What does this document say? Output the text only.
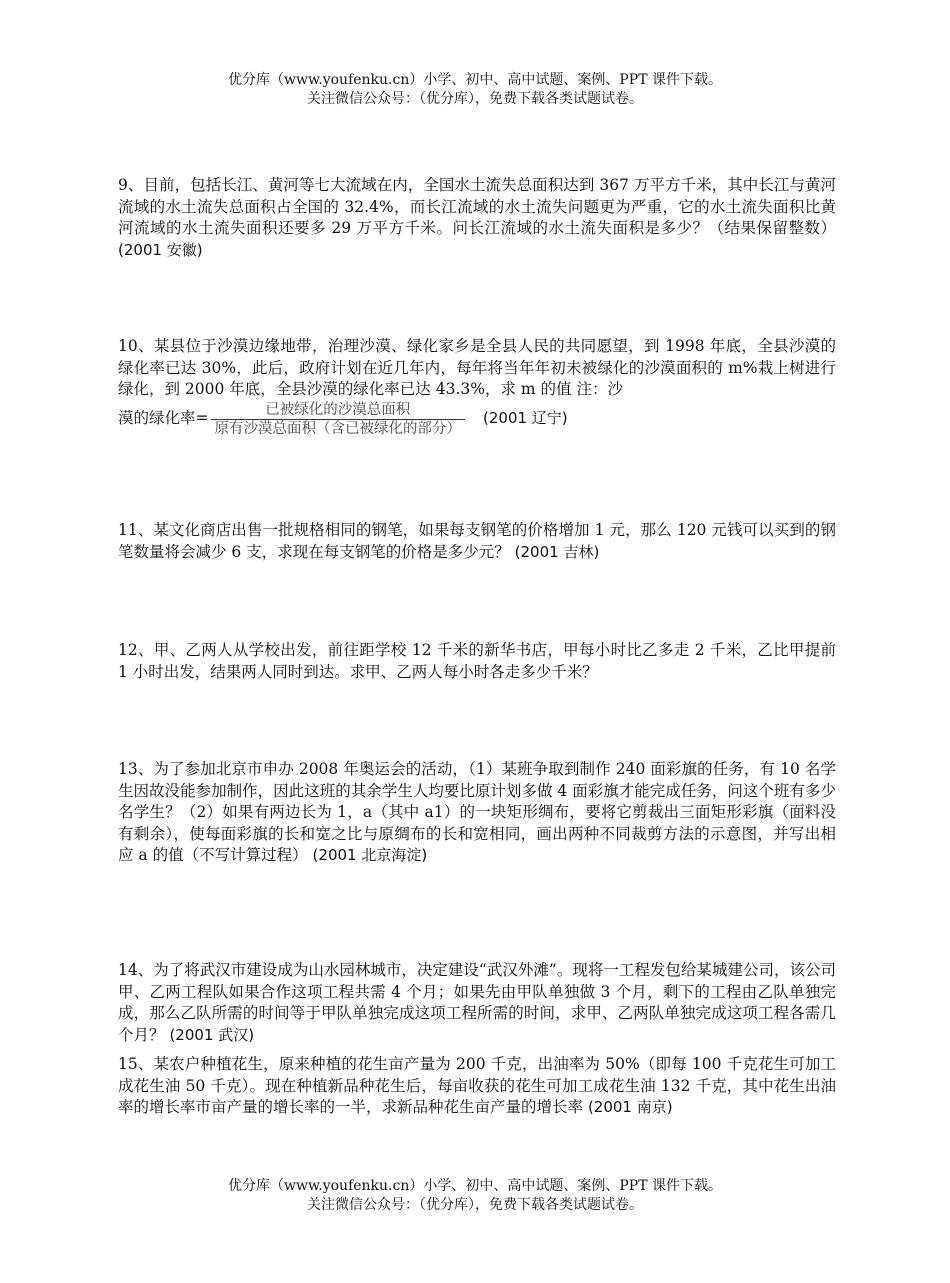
优分库（www.youfenku.cn）小学、初中、高中试题、案例、PPT 课件下载。
关注微信公众号：（优分库），免费下载各类试题试卷。
9、目前，包括长江、黄河等七大流域在内，全国水土流失总面积达到 367 万平方千米，其中长江与黄河流域的水土流失总面积占全国的 32.4%，而长江流域的水土流失问题更为严重，它的水土流失面积比黄河流域的水土流失面积还要多 29 万平方千米。问长江流域的水土流失面积是多少？（结果保留整数） (2001 安徽)
10、某县位于沙漠边缘地带，治理沙漠、绿化家乡是全县人民的共同愿望，到 1998 年底，全县沙漠的绿化率已达 30%，此后，政府计划在近几年内，每年将当年年初未被绿化的沙漠面积的 m%栽上树进行绿化，到 2000 年底，全县沙漠的绿化率已达 43.3%，求 m 的值 注：沙
漠的绿化率= $\frac{\text{已被绿化的沙漠总面积}}{\text{原有沙漠总面积（含已被绿化的部分）}} (2001$ 辽宁)
11、某文化商店出售一批规格相同的钢笔，如果每支钢笔的价格增加 1 元，那么 120 元钱可以买到的钢笔数量将会减少 6 支，求现在每支钢笔的价格是多少元？ (2001 吉林)
12、甲、乙两人从学校出发，前往距学校 12 千米的新华书店，甲每小时比乙多走 2 千米，乙比甲提前 1 小时出发，结果两人同时到达。求甲、乙两人每小时各走多少千米？
13、为了参加北京市申办 2008 年奥运会的活动，（1）某班争取到制作 240 面彩旗的任务，有 10 名学生因故没能参加制作，因此这班的其余学生人均要比原计划多做 4 面彩旗才能完成任务，问这个班有多少名学生？（2）如果有两边长为 1，a（其中 a1）的一块矩形绸布，要将它剪裁出三面矩形彩旗（面料没有剩余），使每面彩旗的长和宽之比与原绸布的长和宽相同，画出两种不同裁剪方法的示意图，并写出相应 a 的值（不写计算过程） (2001 北京海淀)
14、为了将武汉市建设成为山水园林城市，决定建设“武汉外滩”。现将一工程发包给某城建公司，该公司甲、乙两工程队如果合作这项工程共需 4 个月；如果先由甲队单独做 3 个月，剩下的工程由乙队单独完成，那么乙队所需的时间等于甲队单独完成这项工程所需的时间，求甲、乙两队单独完成这项工程各需几个月？ (2001 武汉)
15、某农户种植花生，原来种植的花生亩产量为 200 千克，出油率为 50%（即每 100 千克花生可加工成花生油 50 千克）。现在种植新品种花生后，每亩收获的花生可加工成花生油 132 千克，其中花生出油率的增长率市亩产量的增长率的一半，求新品种花生亩产量的增长率 (2001 南京)
优分库（www.youfenku.cn）小学、初中、高中试题、案例、PPT 课件下载。
关注微信公众号：（优分库），免费下载各类试题试卷。
